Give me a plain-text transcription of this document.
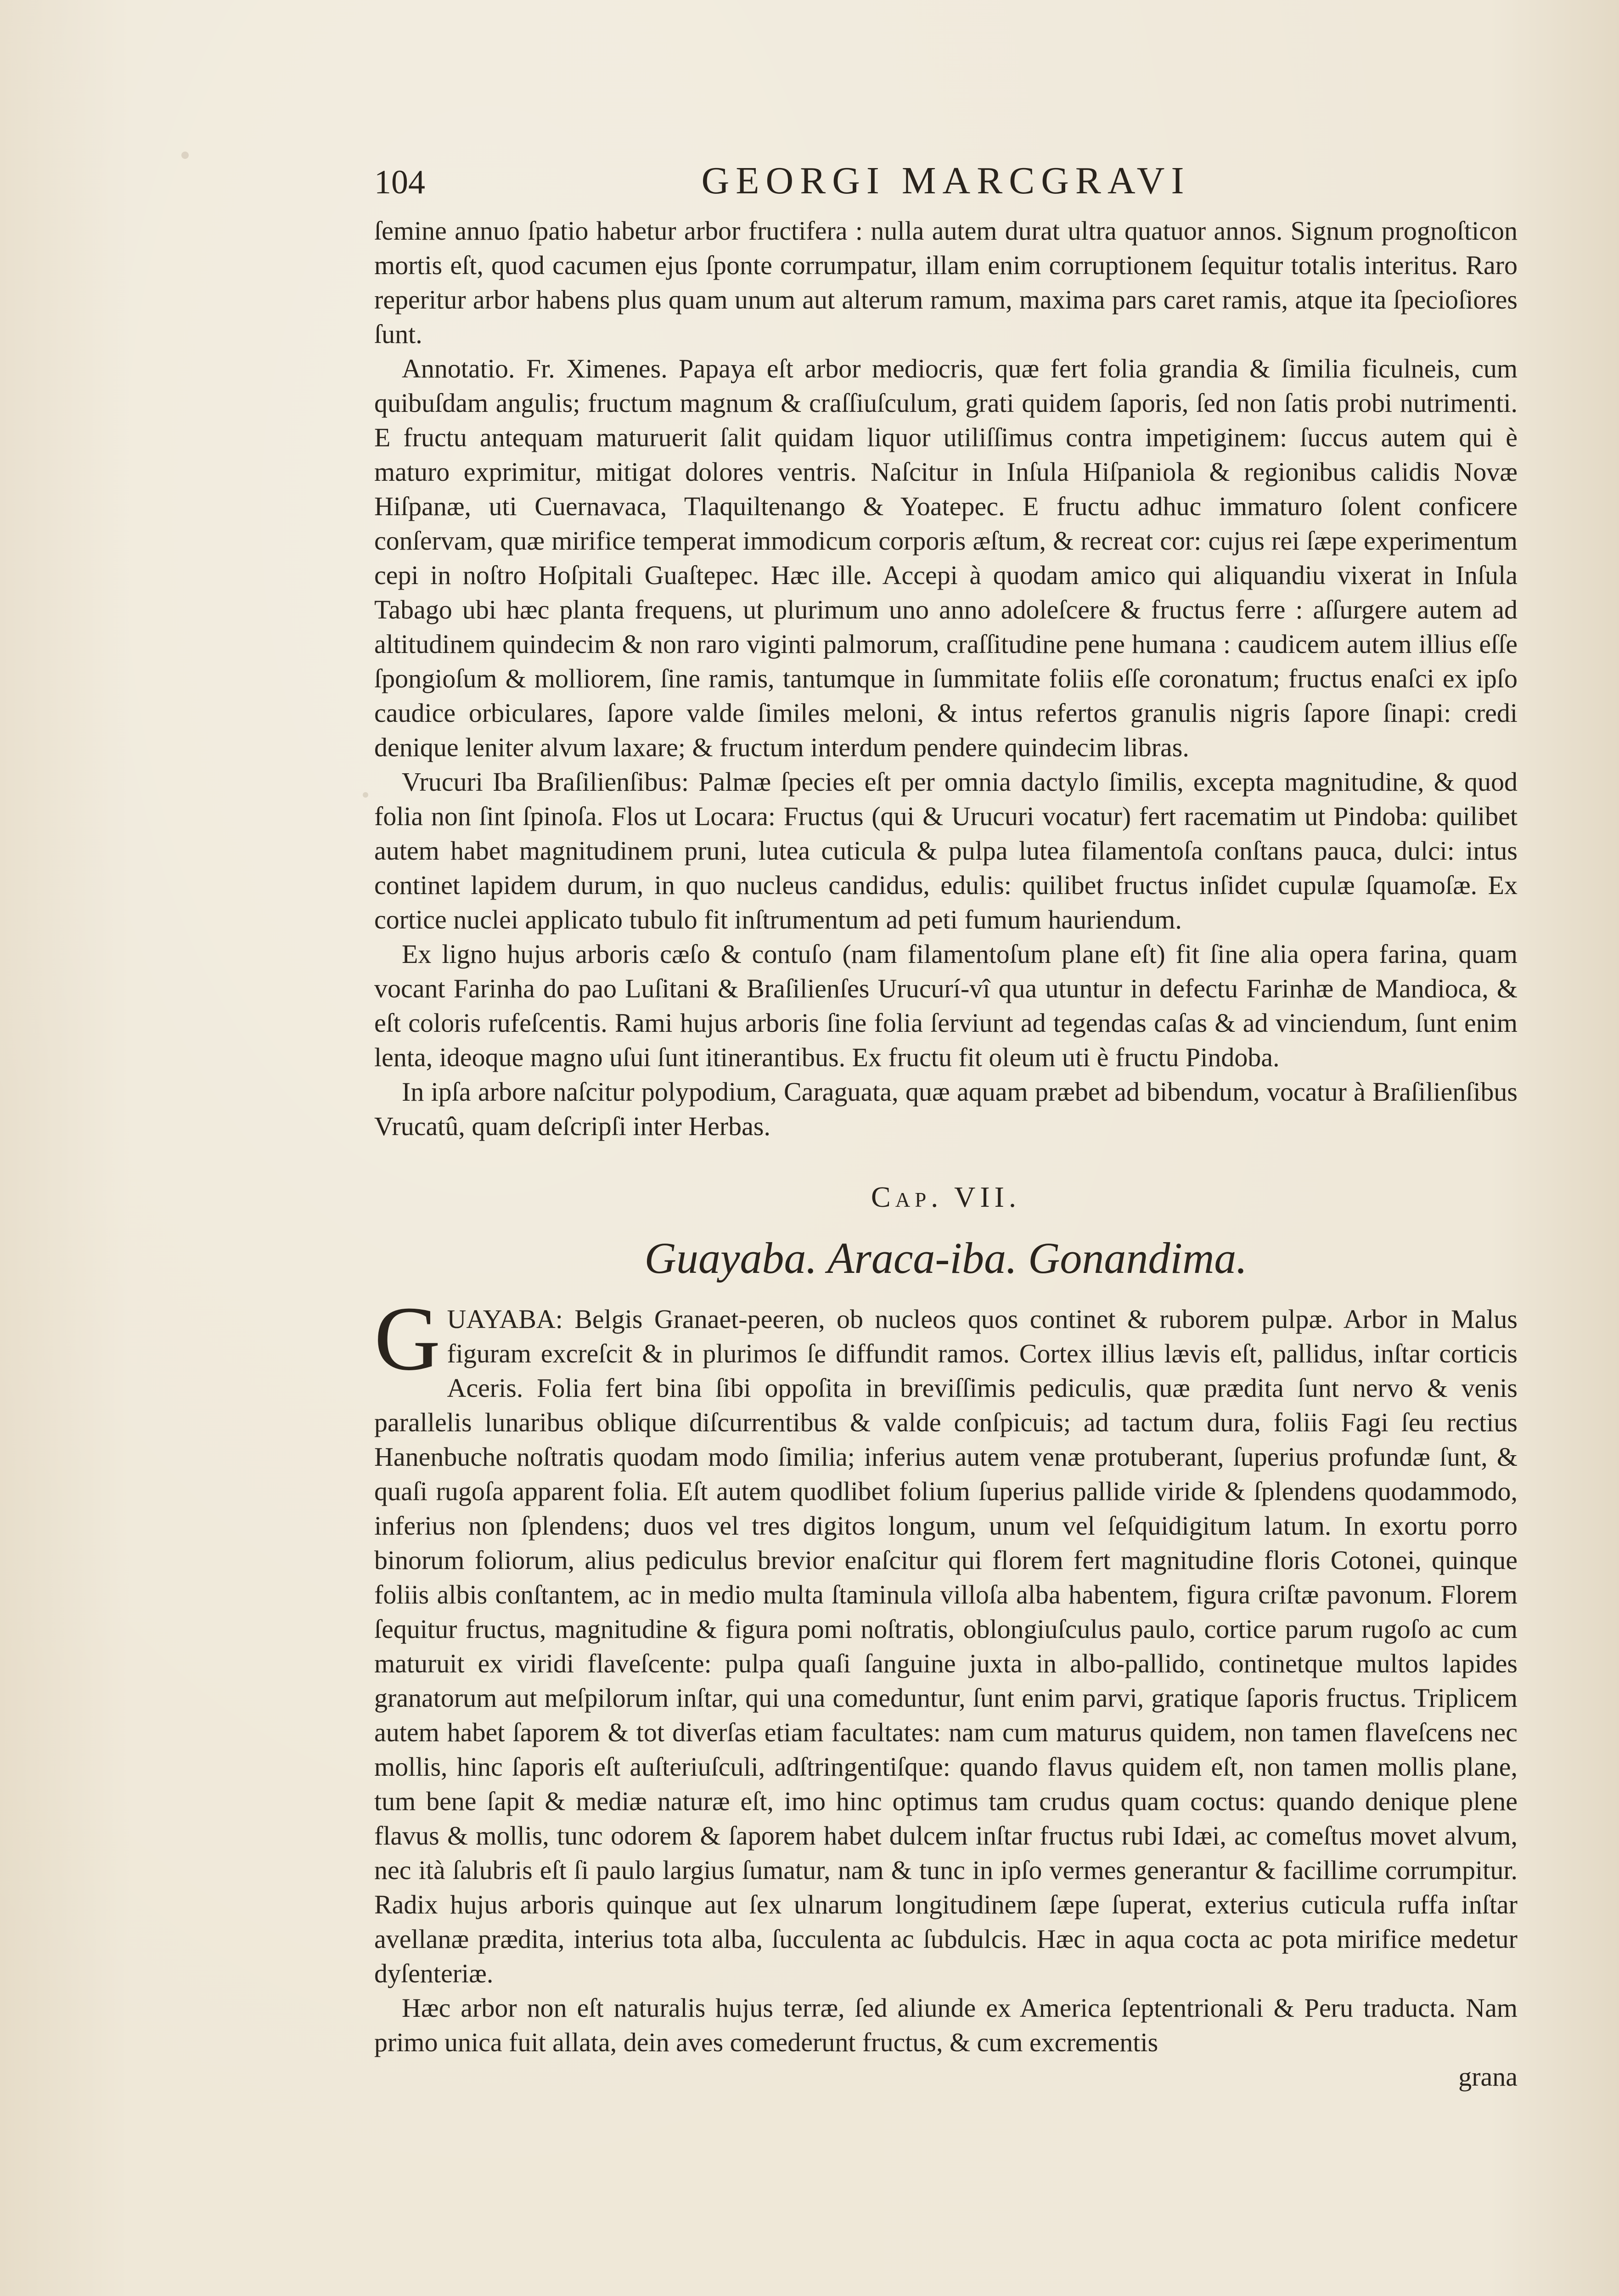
104	GEORGI MARCGRAVI

ſemine annuo ſpatio habetur arbor fructifera : nulla autem durat ultra quatuor annos. Signum prognoſticon mortis eſt, quod cacumen ejus ſponte corrumpatur, illam enim corruptionem ſequitur totalis interitus. Raro reperitur arbor habens plus quam unum aut alterum ramum, maxima pars caret ramis, atque ita ſpecioſiores ſunt.

Annotatio. Fr. Ximenes. Papaya eſt arbor mediocris, quæ fert folia grandia & ſimilia ficulneis, cum quibuſdam angulis; fructum magnum & craſſiuſculum, grati quidem ſaporis, ſed non ſatis probi nutrimenti. E fructu antequam maturuerit ſalit quidam liquor utiliſſimus contra impetiginem: ſuccus autem qui è maturo exprimitur, mitigat dolores ventris. Naſcitur in Inſula Hiſpaniola & regionibus calidis Novæ Hiſpanæ, uti Cuernavaca, Tlaquiltenango & Yoatepec. E fructu adhuc immaturo ſolent conficere conſervam, quæ mirifice temperat immodicum corporis æſtum, & recreat cor: cujus rei ſæpe experimentum cepi in noſtro Hoſpitali Guaſtepec. Hæc ille. Accepi à quodam amico qui aliquandiu vixerat in Inſula Tabago ubi hæc planta frequens, ut plurimum uno anno adoleſcere & fructus ferre : aſſurgere autem ad altitudinem quindecim & non raro viginti palmorum, craſſitudine pene humana : caudicem autem illius eſſe ſpongioſum & molliorem, ſine ramis, tantumque in ſummitate foliis eſſe coronatum; fructus enaſci ex ipſo caudice orbiculares, ſapore valde ſimiles meloni, & intus refertos granulis nigris ſapore ſinapi: credi denique leniter alvum laxare; & fructum interdum pendere quindecim libras.

Vrucuri Iba Braſilienſibus: Palmæ ſpecies eſt per omnia dactylo ſimilis, excepta magnitudine, & quod folia non ſint ſpinoſa. Flos ut Locara: Fructus (qui & Urucuri vocatur) fert racematim ut Pindoba: quilibet autem habet magnitudinem pruni, lutea cuticula & pulpa lutea filamentoſa conſtans pauca, dulci: intus continet lapidem durum, in quo nucleus candidus, edulis: quilibet fructus inſidet cupulæ ſquamoſæ. Ex cortice nuclei applicato tubulo fit inſtrumentum ad peti fumum hauriendum.

Ex ligno hujus arboris cæſo & contuſo (nam filamentoſum plane eſt) fit ſine alia opera farina, quam vocant Farinha do pao Luſitani & Braſilienſes Urucurí-vî qua utuntur in defectu Farinhæ de Mandioca, & eſt coloris rufeſcentis. Rami hujus arboris ſine folia ſerviunt ad tegendas caſas & ad vinciendum, ſunt enim lenta, ideoque magno uſui ſunt itinerantibus. Ex fructu fit oleum uti è fructu Pindoba.

In ipſa arbore naſcitur polypodium, Caraguata, quæ aquam præbet ad bibendum, vocatur à Braſilienſibus Vrucatû, quam deſcripſi inter Herbas.

Cap. VII.
Guayaba. Araca-iba. Gonandima.
G UAYABA: Belgis Granaet-peeren, ob nucleos quos continet & ruborem pulpæ. Arbor in Malus figuram excreſcit & in plurimos ſe diffundit ramos. Cortex illius lævis eſt, pallidus, inſtar corticis Aceris. Folia fert bina ſibi oppoſita in breviſſimis pediculis, quæ prædita ſunt nervo & venis parallelis lunaribus oblique diſcurrentibus & valde conſpicuis; ad tactum dura, foliis Fagi ſeu rectius Hanenbuche noſtratis quodam modo ſimilia; inferius autem venæ protuberant, ſuperius profundæ ſunt, & quaſi rugoſa apparent folia. Eſt autem quodlibet folium ſuperius pallide viride & ſplendens quodammodo, inferius non ſplendens; duos vel tres digitos longum, unum vel ſeſquidigitum latum. In exortu porro binorum foliorum, alius pediculus brevior enaſcitur qui florem fert magnitudine floris Cotonei, quinque foliis albis conſtantem, ac in medio multa ſtaminula villoſa alba habentem, figura criſtæ pavonum. Florem ſequitur fructus, magnitudine & figura pomi noſtratis, oblongiuſculus paulo, cortice parum rugoſo ac cum maturuit ex viridi flaveſcente: pulpa quaſi ſanguine juxta in albo-pallido, continetque multos lapides granatorum aut meſpilorum inſtar, qui una comeduntur, ſunt enim parvi, gratique ſaporis fructus. Triplicem autem habet ſaporem & tot diverſas etiam facultates: nam cum maturus quidem, non tamen flaveſcens nec mollis, hinc ſaporis eſt auſteriuſculi, adſtringentiſque: quando flavus quidem eſt, non tamen mollis plane, tum bene ſapit & mediæ naturæ eſt, imo hinc optimus tam crudus quam coctus: quando denique plene flavus & mollis, tunc odorem & ſaporem habet dulcem inſtar fructus rubi Idæi, ac comeſtus movet alvum, nec ità ſalubris eſt ſi paulo largius ſumatur, nam & tunc in ipſo vermes generantur & facillime corrumpitur. Radix hujus arboris quinque aut ſex ulnarum longitudinem ſæpe ſuperat, exterius cuticula ruffa inſtar avellanæ prædita, interius tota alba, ſucculenta ac ſubdulcis. Hæc in aqua cocta ac pota mirifice medetur dyſenteriæ.

Hæc arbor non eſt naturalis hujus terræ, ſed aliunde ex America ſeptentrionali & Peru traducta. Nam primo unica fuit allata, dein aves comederunt fructus, & cum excrementis

grana
